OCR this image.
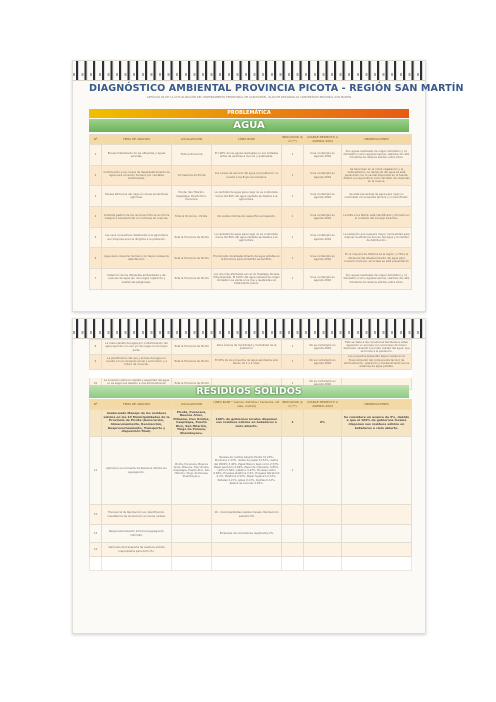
DIAGNÓSTICO AMBIENTAL PROVINCIA PICOTA - REGIÓN SAN MARTÍN
ARTÍCULO 64 DE LA ACTUALIZACIÓN DEL ORDENAMIENTO TERRITORIAL DE SAN MARTÍN - PLAN DE DESARROLLO CONCERTADO REGIONAL SAN MARTÍN
PROBLEMÁTICA
AGUA
Nº	TEMA DE ANÁLISIS	LOCALIZACIÓN	LÍNEA BASE	INDICADOR (I) Ó (**)	AVANCE RESPECTO A AGENDA 2004	OBSERVACIONES
1	Escaso tratamiento de los efluentes y aguas servidas.	Toda la Provincia	El 100% de las aguas residuales no son tratadas antes de verterse a los ríos y quebradas.	1	Si se contempló en agenda 2004	Son aguas residuales de origen doméstico y no doméstico (como agropecuarios), residuos de café, lixiviados de rellenos sólidos, entre otros.
2	Contribución a los cursos de desabastecimiento de agua para consumo humano por caudales insuficientes.	10 Caseríos de Picota	Los cursos de servicio del agua a la población no cuenta a los flujos acumulados.	1	Si se contempló en agenda 2004	Se tiene bien en la cobra vegetación y la deforestación. La demanda del agua se está generando con lo caudal disponible en la fuente, debido a la agricultura como también de viviendas en la cuenca.
3	Escasa eficiencia del riego en zonas productivas agrícolas.	Picota, San Hilarión, Caspizapa, Puerto Rico, Pucacaca	La cantidad de agua para riego no es controlada. Cerca del 80% del agua captada se destina a la agricultura.	1	Si se contempló en agenda 2004	Se eliza percentaje de agua para riego no controlado con presenta técnica y no tecnificado.
4	Limitada gestión de los recursos hídricos en forma integral e intersectorial con enfoque de cuencas.	Toda la Provincia - Picota.	No existe información específica al respecto.	1	Si se contempló en agenda 2004	La falta a los Martín está identificado y formado en el contexto del Consejo Directivo.
5	Los usos consuntivos destinados a la agricultura son mayores que los dirigidos a la población.	Toda la Provincia de Picota	La cantidad de agua para riego no es controlada. Cerca del 80% del agua captada se destina a la agricultura.	1	Si se contempló en agenda 2004	La población que requiere mayor racionalidad para mejorar la eficiencia del uso del agua y la calidad de distribución.
6	Agua para consumo humano con bajos niveles de desinfección.	Toda la Provincia de Picota	El promedio de abastecimiento de agua potable en la Provincia para el Distrito es del 89%.	1	Si se contempló en agenda 2004	En la mayoría de distritos se la región (>70%) la eficiencia del abastecimiento del agua para consumo humano, se la tasa se está presentando.
7	Deterioro de los diferentes ambientales y las cuencas de agua (en ríos riegos orgánicos y sustancias peligrosas).	Toda la Provincia de Picota	Los ríos más afectados son el río Huallaga, Ponaza (Moyobamba). El 100% del agua residual de origen doméstico se vierte a los ríos y quebradas sin tratamiento previo.	1	Si se contempló en agenda 2004	Son aguas residuales de origen doméstico y no doméstico (como agropecuarios), residuos de café, lixiviados de rellenos sólidos, entre otros.
8	La mala calidad del agua por contaminación del agua agrícola con uso y/o de riegos en la mayor parte.	Toda la Provincia de Picota	Altos índices de morbilidad y mortalidad de la población.	1	No se contempló en agenda 2004	Esto se debe a las conexiones familiares a estas siguiendo un proceso con el proceso de mayor demanda, causado a la mala calidad del agua, que se brinda a la población.
9	La planificación del uso y acceso del agua no cuenta con el consenso social y económico y a futuro de cuencas.	Toda la Provincia de Picota	El 60% de los proyectos de agua aprobados sólo tienen de 1 a 2 años.	1	No se contempló en agenda 2004	Los proyectos presentan bajos niveles en el financiamiento del componente técnico de administración, operación y mantenimiento de los sistemas de agua potable.

10	La inversión sobre la calidad y seguridad del agua no es según las Gestión a una administración	Toda la Provincia de Picota		1	No se contempló en	
RESIDUOS SÓLIDOS
Nº	TEMA DE ANÁLISIS	LOCALIZACIÓN	LÍNEA BASE * (varios: distritos / hacienda, ref. vale, unidad)	INDICADOR (I) Ó (**)	AVANCE RESPECTO A AGENDA 2004	OBSERVACIONES
	Inadecuado Manejo de los residuos sólidos en los 10 Municipalidades de la Provincia de Picota (Generación, Almacenamiento, Recolección, Reaprovechamiento, Transporte y disposición final).	Picota, Pucacaca, Buenos Aires, Pilluana, tres Unidos, Caspizapa, Puerto Rico, San Hilarión, Tingo de Ponasa, Shamboyacu.	100% de gobiernos locales disponen sus residuos sólidos en botaderos a cielo abierto.	1	0%	Se considera un avance de 0%, debido a que el 100% de gobiernos locales disponen sus residuos sólidos en botaderos a cielo abierto.
11	Aplicación en la fuente de Residuos Sólidos sin segregación.	Picota, Pucacaca, Buenos Aires, Pilluana, Tres Unidos, Caspizapa, Puerto Rico, San Hilarión, Tingo de Ponasa, Shamboyacu.	Niveles de cambio basado Picota 31.20%, Pucacaca 1.23%, restos de papel 13.52%, restos del 1849% 3.40%, Papel Blanco bajo como 2.53%, Papel periódico 0.99%, Papel de impresión 0.85%, cartón 0.56%, plástico 3.43%, Envases vidrio 0.69%, Envases plásticos 0.4%, Envases tetrabrick 0.4%, Plásticos 2.52%, Papel higiénico 0.12%, Pañales 2.21%, Jebes 0.13%, textiles 0.12%, Restos de ciencias 3.82%.	1		
12	Frecuencia de Recolección sin planificación, inexistencia de recolección en zonas rurales.		10 - municipalidades realizan tareas: Recolección subsidio 0%			
13	Reaprovechamiento informal (segregación informal).		Empresas de recicladores registrados 0%			
14	Vehículos de transporte de residuos sólidos inapropiados para dicho fin.					
